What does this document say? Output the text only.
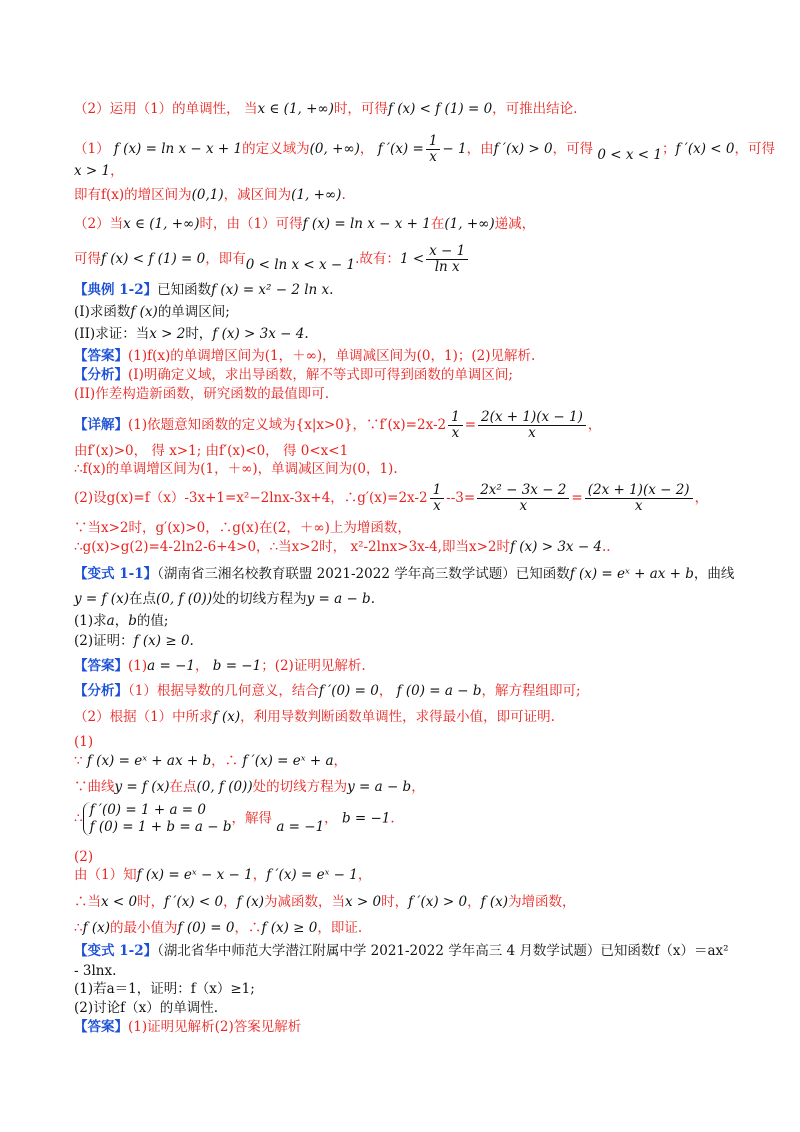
（2）运用（1）的单调性， 当x ∈ (1, +∞)时，可得f (x) < f (1) = 0，可推出结论.
（1） f (x) = ln x − x + 1的定义域为(0, +∞)， f $'(x) = \frac{1}{x} - 1$，由f ′(x) > 0，可得 0 < x < 1；f ′(x) < 0，可得
x > 1，
即有f(x)的增区间为(0,1)，减区间为(1, +∞).
（2）当x ∈ (1, +∞)时，由（1）可得f (x) = ln x − x + 1在(1, +∞)递减，
可得f (x) < f (1) = 0，即有0 < ln x < x − 1.故有：$1 < \frac{x - 1}{\text{ln x}}$
【典例 1-2】已知函数f (x) = x² − 2 ln x.
(I)求函数f (x)的单调区间;
(II)求证：当x > 2时，f (x) > 3x − 4.
【答案】(1)f(x)的单调增区间为(1，＋∞)，单调减区间为(0，1)；(2)见解析.
【分析】(I)明确定义域，求出导函数，解不等式即可得到函数的单调区间;
(II)作差构造新函数，研究函数的最值即可.
【详解】(1)依题意知函数的定义域为{x|x>0}，∵f′(x)=2x-2 $\frac{1}{x} = \frac{2(x + 1)(x - 1)}{x}$ ，
由f′(x)>0， 得 x>1; 由f′(x)<0， 得 0<x<1
∴f(x)的单调增区间为(1，＋∞)，单调减区间为(0，1).
(2)设g(x)=f（x）-3x+1=x²−2lnx-3x+4，∴g′(x)=2x-2 $\frac{1}{x} --3= \frac{\text{2x² − 3x − 2}}{x} = \frac{(2x + 1)(x - 2)}{x}$ ，
∵当x>2时，g′(x)>0，∴g(x)在(2，＋∞)上为增函数，
∴g(x)>g(2)=4-2ln2-6+4>0，∴当x>2时， x²-2lnx>3x-4,即当x>2时f (x) > 3x − 4..
【变式 1-1】（湖南省三湘名校教育联盟 2021-2022 学年高三数学试题）已知函数f (x) = eˣ + ax + b，曲线
y = f (x)在点(0, f (0))处的切线方程为y = a − b.
(1)求a，b的值;
(2)证明：f (x) ≥ 0.
【答案】(1)a = −1， b = −1；(2)证明见解析.
【分析】（1）根据导数的几何意义，结合f ′(0) = 0， f (0) = a − b，解方程组即可;
（2）根据（1）中所求f (x)，利用导数判断函数单调性，求得最小值，即可证明.
(1)
∵ f (x) = eˣ + ax + b，∴ f ′(x) = eˣ + a，
∵曲线y = f (x)在点(0, f (0))处的切线方程为y = a − b，
∴
f ′(0) = 1 + a = 0
f (0) = 1 + b = a − b
，解得 a = −1， b = −1.
(2)
由（1）知f (x) = eˣ − x − 1，f ′(x) = eˣ − 1，
∴当x < 0时，f ′(x) < 0，f (x)为减函数，当x > 0时，f ′(x) > 0，f (x)为增函数，
∴f (x)的最小值为f (0) = 0，∴f (x) ≥ 0，即证.
【变式 1-2】（湖北省华中师范大学潜江附属中学 2021-2022 学年高三 4 月数学试题）已知函数f（x）＝ax²
- 3lnx.
(1)若a＝1，证明：f（x）≥1;
(2)讨论f（x）的单调性.
【答案】(1)证明见解析(2)答案见解析
